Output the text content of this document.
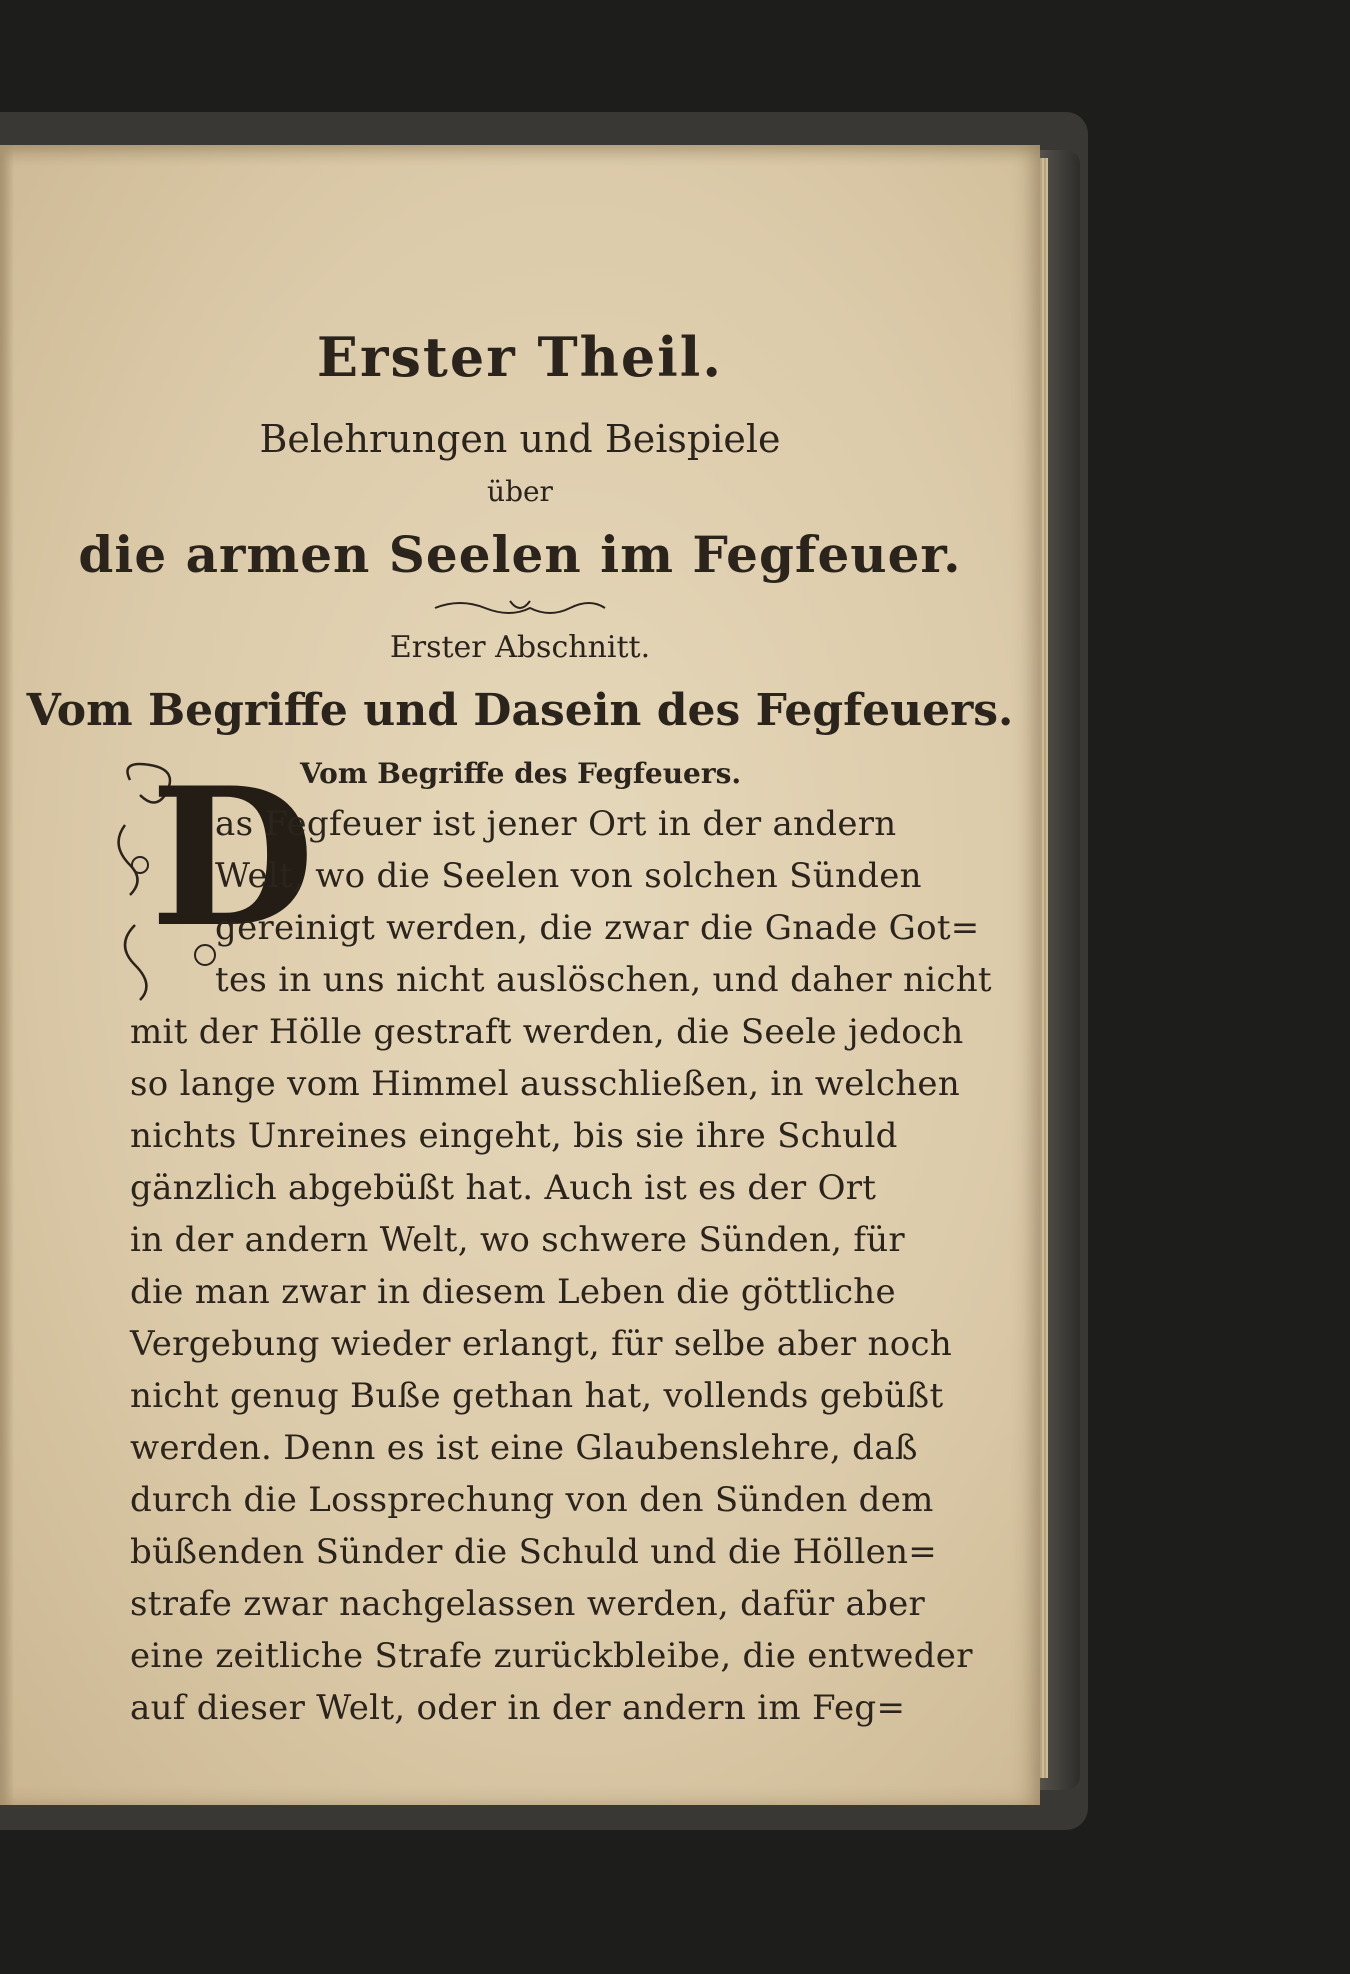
Erster Theil.
Belehrungen und Beispiele
über
die armen Seelen im Fegfeuer.
Erster Abschnitt.
Vom Begriffe und Dasein des Fegfeuers.
Vom Begriffe des Fegfeuers.
D
as Fegfeuer ist jener Ort in der andern
Welt, wo die Seelen von solchen Sünden
gereinigt werden, die zwar die Gnade Got=
tes in uns nicht auslöschen, und daher nicht
mit der Hölle gestraft werden, die Seele jedoch
so lange vom Himmel ausschließen, in welchen
nichts Unreines eingeht, bis sie ihre Schuld
gänzlich abgebüßt hat. Auch ist es der Ort
in der andern Welt, wo schwere Sünden, für
die man zwar in diesem Leben die göttliche
Vergebung wieder erlangt, für selbe aber noch
nicht genug Buße gethan hat, vollends gebüßt
werden. Denn es ist eine Glaubenslehre, daß
durch die Lossprechung von den Sünden dem
büßenden Sünder die Schuld und die Höllen=
strafe zwar nachgelassen werden, dafür aber
eine zeitliche Strafe zurückbleibe, die entweder
auf dieser Welt, oder in der andern im Feg=
